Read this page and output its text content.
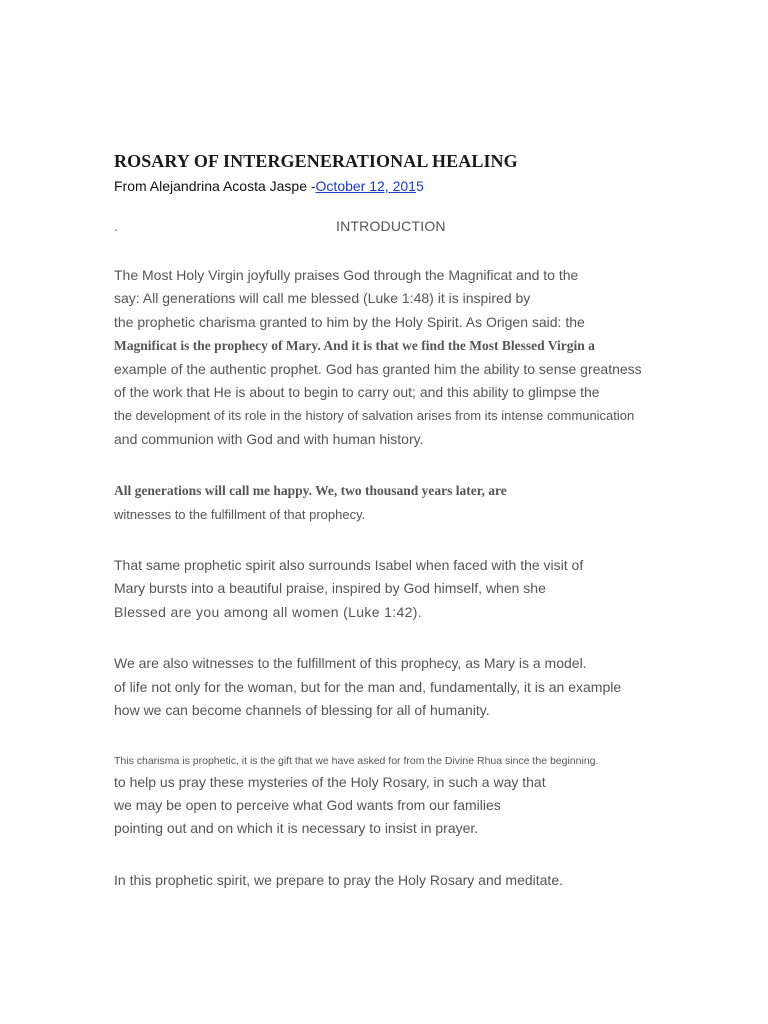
ROSARY OF INTERGENERATIONAL HEALING
From Alejandrina Acosta Jaspe -October 12, 2015
.	INTRODUCTION
The Most Holy Virgin joyfully praises God through the Magnificat and to the
say: All generations will call me blessed (Luke 1:48) it is inspired by
the prophetic charisma granted to him by the Holy Spirit. As Origen said: the
Magnificat is the prophecy of Mary. And it is that we find the Most Blessed Virgin a
example of the authentic prophet. God has granted him the ability to sense greatness
of the work that He is about to begin to carry out; and this ability to glimpse the
the development of its role in the history of salvation arises from its intense communication
and communion with God and with human history.
All generations will call me happy. We, two thousand years later, are
witnesses to the fulfillment of that prophecy.
That same prophetic spirit also surrounds Isabel when faced with the visit of
Mary bursts into a beautiful praise, inspired by God himself, when she
Blessed are you among all women (Luke 1:42).
We are also witnesses to the fulfillment of this prophecy, as Mary is a model.
of life not only for the woman, but for the man and, fundamentally, it is an example
how we can become channels of blessing for all of humanity.
This charisma is prophetic, it is the gift that we have asked for from the Divine Rhua since the beginning.
to help us pray these mysteries of the Holy Rosary, in such a way that
we may be open to perceive what God wants from our families
pointing out and on which it is necessary to insist in prayer.
In this prophetic spirit, we prepare to pray the Holy Rosary and meditate.
